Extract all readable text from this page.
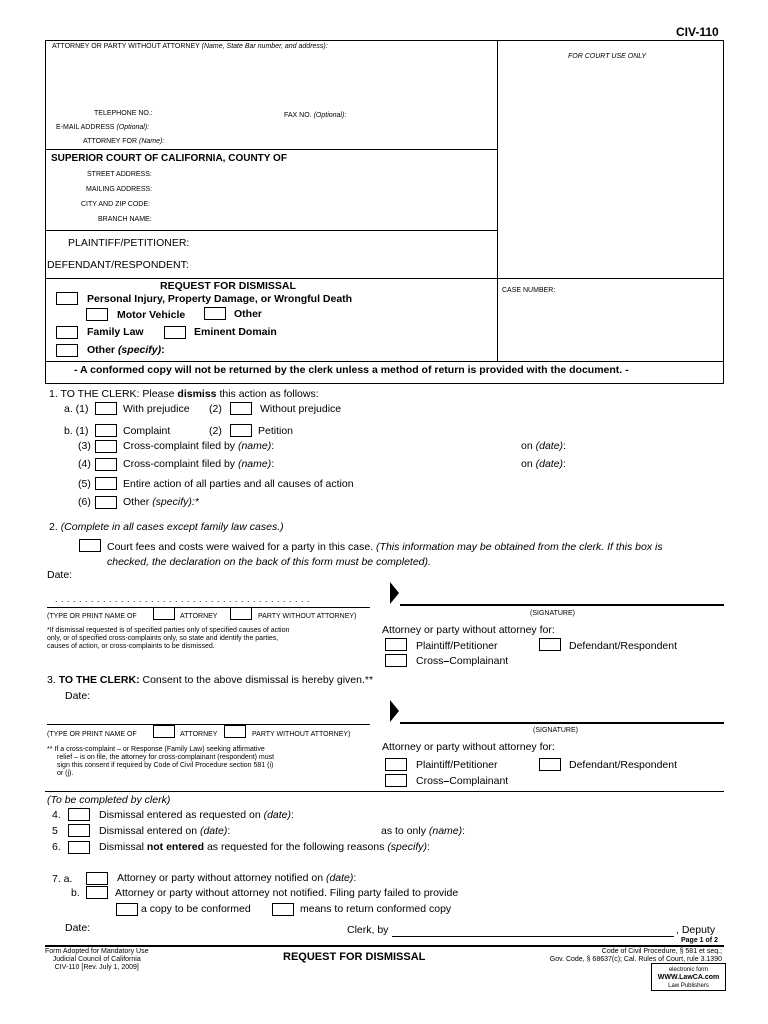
CIV-110
ATTORNEY OR PARTY WITHOUT ATTORNEY (Name, State Bar number, and address):
FOR COURT USE ONLY
TELEPHONE NO.:	FAX NO. (Optional):
E-MAIL ADDRESS (Optional):
ATTORNEY FOR (Name):
SUPERIOR COURT OF CALIFORNIA, COUNTY OF
STREET ADDRESS:
MAILING ADDRESS:
CITY AND ZIP CODE:
BRANCH NAME:
PLAINTIFF/PETITIONER:
DEFENDANT/RESPONDENT:
REQUEST FOR DISMISSAL	CASE NUMBER:
Personal Injury, Property Damage, or Wrongful Death
Motor Vehicle	Other
Family Law	Eminent Domain
Other (specify):
- A conformed copy will not be returned by the clerk unless a method of return is provided with the document. -
1. TO THE CLERK: Please dismiss this action as follows:
a. (1)	With prejudice (2)	Without prejudice
b. (1)	Complaint	(2)	Petition
(3)	Cross-complaint filed by (name):	on (date):
(4)	Cross-complaint filed by (name):	on (date):
(5)	Entire action of all parties and all causes of action
(6)	Other (specify):*
2. (Complete in all cases except family law cases.)
Court fees and costs were waived for a party in this case. (This information may be obtained from the clerk. If this box is
checked, the declaration on the back of this form must be completed).
Date:
. . . . . . . . . . . . . . . . . . . . . . . . . . . . . . . . . . . . . . . . . . .
(SIGNATURE)
(TYPE OR PRINT NAME OF	ATTORNEY	PARTY WITHOUT ATTORNEY)
*If dismissal requested is of specified parties only of specified causes of action
only, or of specified cross-complaints only, so state and identify the parties,
causes of action, or cross-complaints to be dismissed.
Attorney or party without attorney for:
Plaintiff/Petitioner	Defendant/Respondent
Cross–Complainant
3. TO THE CLERK: Consent to the above dismissal is hereby given.**
Date:
(SIGNATURE)
(TYPE OR PRINT NAME OF	ATTORNEY	PARTY WITHOUT ATTORNEY)
** If a cross-complaint – or Response (Family Law) seeking affirmative
relief – is on file, the attorney for cross-complainant (respondent) must
sign this consent if required by Code of Civil Procedure section 581 (i)
or (j).
Attorney or party without attorney for:
Plaintiff/Petitioner	Defendant/Respondent
Cross–Complainant
(To be completed by clerk)
4.	Dismissal entered as requested on (date):
5	Dismissal entered on (date):	as to only (name):
6.	Dismissal not entered as requested for the following reasons (specify):
7. a.	Attorney or party without attorney notified on (date):
b.	Attorney or party without attorney not notified. Filing party failed to provide
a copy to be conformed	means to return conformed copy
Date:	Clerk, by	, Deputy
Page 1 of 2
Form Adopted for Mandatory Use
Judicial Council of California
CIV-110 [Rev. July 1, 2009]
REQUEST FOR DISMISSAL	Code of Civil Procedure, § 581 et seq.;
Gov. Code, § 68637(c); Cal. Rules of Court, rule 3.1390
electronic form
WWW.LawCA.com
Law Publishers
